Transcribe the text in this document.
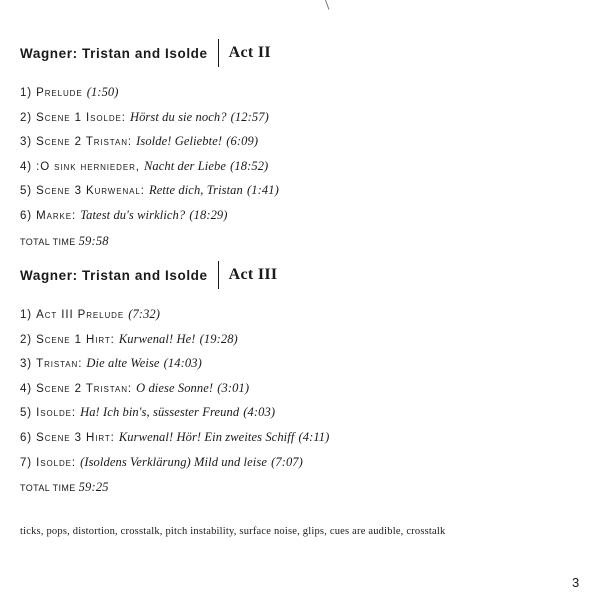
Wagner: Tristan and Isolde Act II
1) Prelude (1:50)
2) Scene 1 Isolde: Hörst du sie noch? (12:57)
3) Scene 2 Tristan: Isolde! Geliebte! (6:09)
4) :O sink hernieder, Nacht der Liebe (18:52)
5) Scene 3 Kurwenal: Rette dich, Tristan (1:41)
6) Marke: Tatest du's wirklich? (18:29)
TOTAL TIME 59:58
Wagner: Tristan and Isolde Act III
1) Act III Prelude (7:32)
2) Scene 1 Hirt: Kurwenal! He! (19:28)
3) Tristan: Die alte Weise (14:03)
4) Scene 2 Tristan: O diese Sonne! (3:01)
5) Isolde: Ha! Ich bin's, süssester Freund (4:03)
6) Scene 3 Hirt: Kurwenal! Hör! Ein zweites Schiff (4:11)
7) Isolde: (Isoldens Verklärung) Mild und leise (7:07)
TOTAL TIME 59:25
ticks, pops, distortion, crosstalk, pitch instability, surface noise, glips, cues are audible, crosstalk
3
